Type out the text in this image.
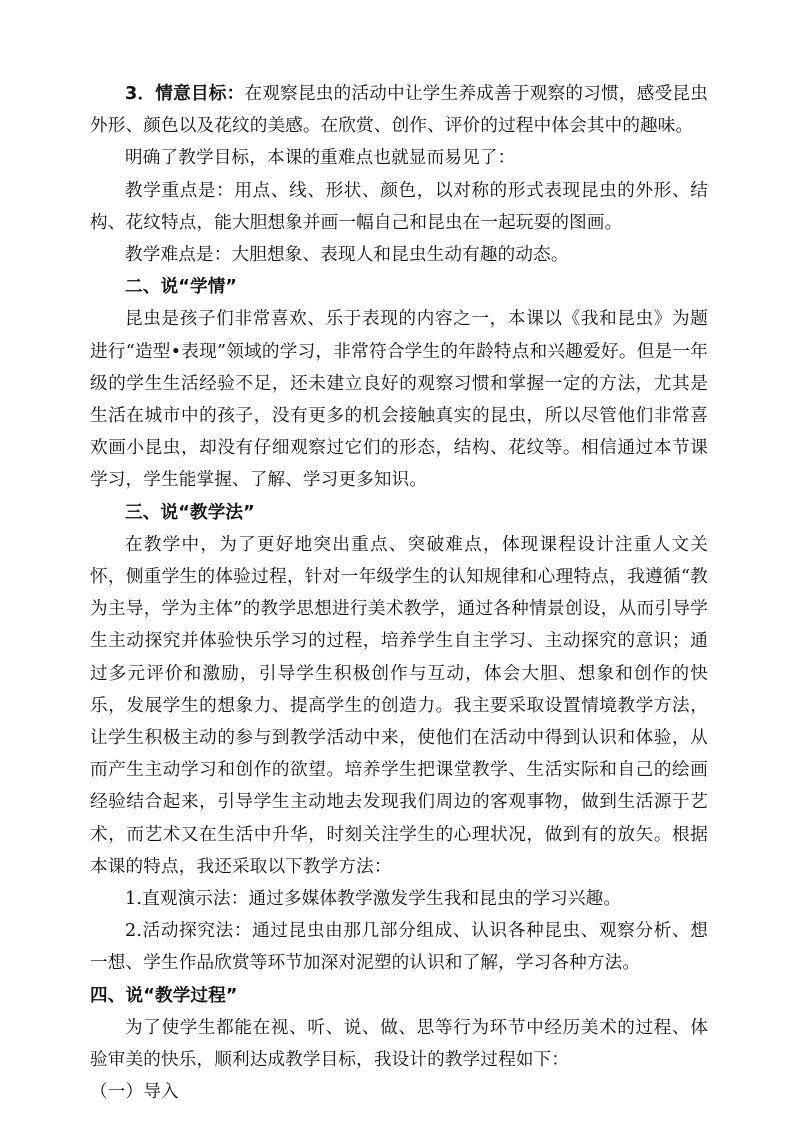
3．情意目标：在观察昆虫的活动中让学生养成善于观察的习惯，感受昆虫外形、颜色以及花纹的美感。在欣赏、创作、评价的过程中体会其中的趣味。

明确了教学目标，本课的重难点也就显而易见了：

教学重点是：用点、线、形状、颜色，以对称的形式表现昆虫的外形、结构、花纹特点，能大胆想象并画一幅自己和昆虫在一起玩耍的图画。

教学难点是：大胆想象、表现人和昆虫生动有趣的动态。

二、说“学情”

昆虫是孩子们非常喜欢、乐于表现的内容之一，本课以《我和昆虫》为题进行“造型•表现”领域的学习，非常符合学生的年龄特点和兴趣爱好。但是一年级的学生生活经验不足，还未建立良好的观察习惯和掌握一定的方法，尤其是生活在城市中的孩子，没有更多的机会接触真实的昆虫，所以尽管他们非常喜欢画小昆虫，却没有仔细观察过它们的形态，结构、花纹等。相信通过本节课学习，学生能掌握、了解、学习更多知识。

三、说“教学法”

在教学中，为了更好地突出重点、突破难点，体现课程设计注重人文关怀，侧重学生的体验过程，针对一年级学生的认知规律和心理特点，我遵循“教为主导，学为主体”的教学思想进行美术教学，通过各种情景创设，从而引导学生主动探究并体验快乐学习的过程，培养学生自主学习、主动探究的意识；通过多元评价和激励，引导学生积极创作与互动，体会大胆、想象和创作的快乐，发展学生的想象力、提高学生的创造力。我主要采取设置情境教学方法，让学生积极主动的参与到教学活动中来，使他们在活动中得到认识和体验，从而产生主动学习和创作的欲望。培养学生把课堂教学、生活实际和自己的绘画经验结合起来，引导学生主动地去发现我们周边的客观事物，做到生活源于艺术，而艺术又在生活中升华，时刻关注学生的心理状况，做到有的放矢。根据本课的特点，我还采取以下教学方法：

1.直观演示法：通过多媒体教学激发学生我和昆虫的学习兴趣。

2.活动探究法：通过昆虫由那几部分组成、认识各种昆虫、观察分析、想一想、学生作品欣赏等环节加深对泥塑的认识和了解，学习各种方法。

四、说“教学过程”

为了使学生都能在视、听、说、做、思等行为环节中经历美术的过程、体验审美的快乐，顺利达成教学目标，我设计的教学过程如下：

（一）导入
